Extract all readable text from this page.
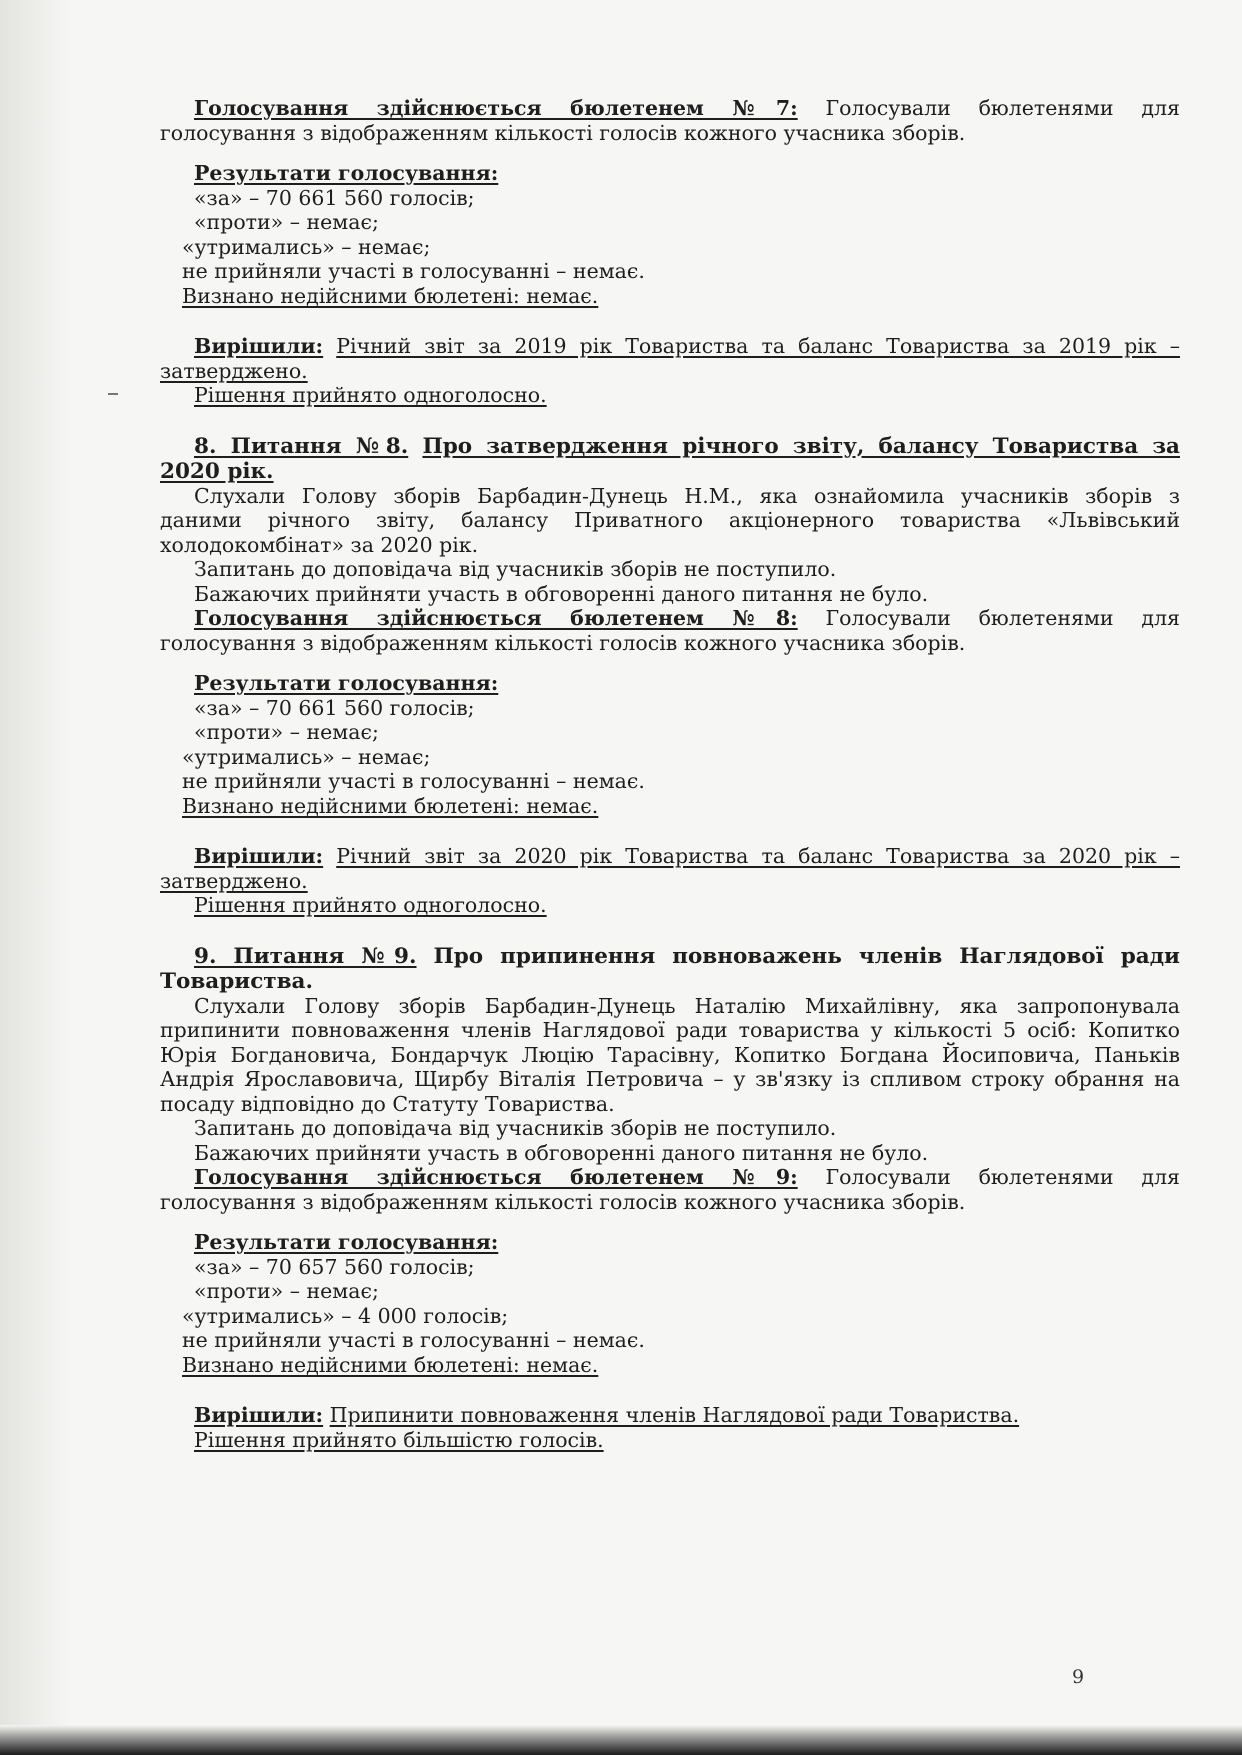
Голосування здійснюється бюлетенем №7: Голосували бюлетенями для

голосування з відображенням кількості голосів кожного учасника зборів.

Результати голосування:

«за» – 70 661 560 голосів;

«проти» – немає;

«утримались» – немає;

не прийняли участі в голосуванні – немає.

Визнано недійсними бюлетені: немає.

Вирішили: Річний звіт за 2019 рік Товариства та баланс Товариства за 2019 рік –

затверджено.

Рішення прийнято одноголосно.

8. Питання №8. Про затвердження річного звіту, балансу Товариства за

2020 рік.

Слухали Голову зборів Барбадин-Дунець Н.М., яка ознайомила учасників зборів з

даними річного звіту, балансу Приватного акціонерного товариства «Львівський

холодокомбінат» за 2020 рік.

Запитань до доповідача від учасників зборів не поступило.

Бажаючих прийняти участь в обговоренні даного питання не було.

Голосування здійснюється бюлетенем №8: Голосували бюлетенями для

голосування з відображенням кількості голосів кожного учасника зборів.

Результати голосування:

«за» – 70 661 560 голосів;

«проти» – немає;

«утримались» – немає;

не прийняли участі в голосуванні – немає.

Визнано недійсними бюлетені: немає.

Вирішили: Річний звіт за 2020 рік Товариства та баланс Товариства за 2020 рік –

затверджено.

Рішення прийнято одноголосно.

9. Питання №9. Про припинення повноважень членів Наглядової ради

Товариства.

Слухали Голову зборів Барбадин-Дунець Наталію Михайлівну, яка запропонувала

припинити повноваження членів Наглядової ради товариства у кількості 5 осіб: Копитко

Юрія Богдановича, Бондарчук Люцію Тарасівну, Копитко Богдана Йосиповича, Паньків

Андрія Ярославовича, Щирбу Віталія Петровича – у зв'язку із спливом строку обрання на

посаду відповідно до Статуту Товариства.

Запитань до доповідача від учасників зборів не поступило.

Бажаючих прийняти участь в обговоренні даного питання не було.

Голосування здійснюється бюлетенем №9: Голосували бюлетенями для

голосування з відображенням кількості голосів кожного учасника зборів.

Результати голосування:

«за» – 70 657 560 голосів;

«проти» – немає;

«утримались» – 4 000 голосів;

не прийняли участі в голосуванні – немає.

Визнано недійсними бюлетені: немає.

Вирішили: Припинити повноваження членів Наглядової ради Товариства.

Рішення прийнято більшістю голосів.

9
